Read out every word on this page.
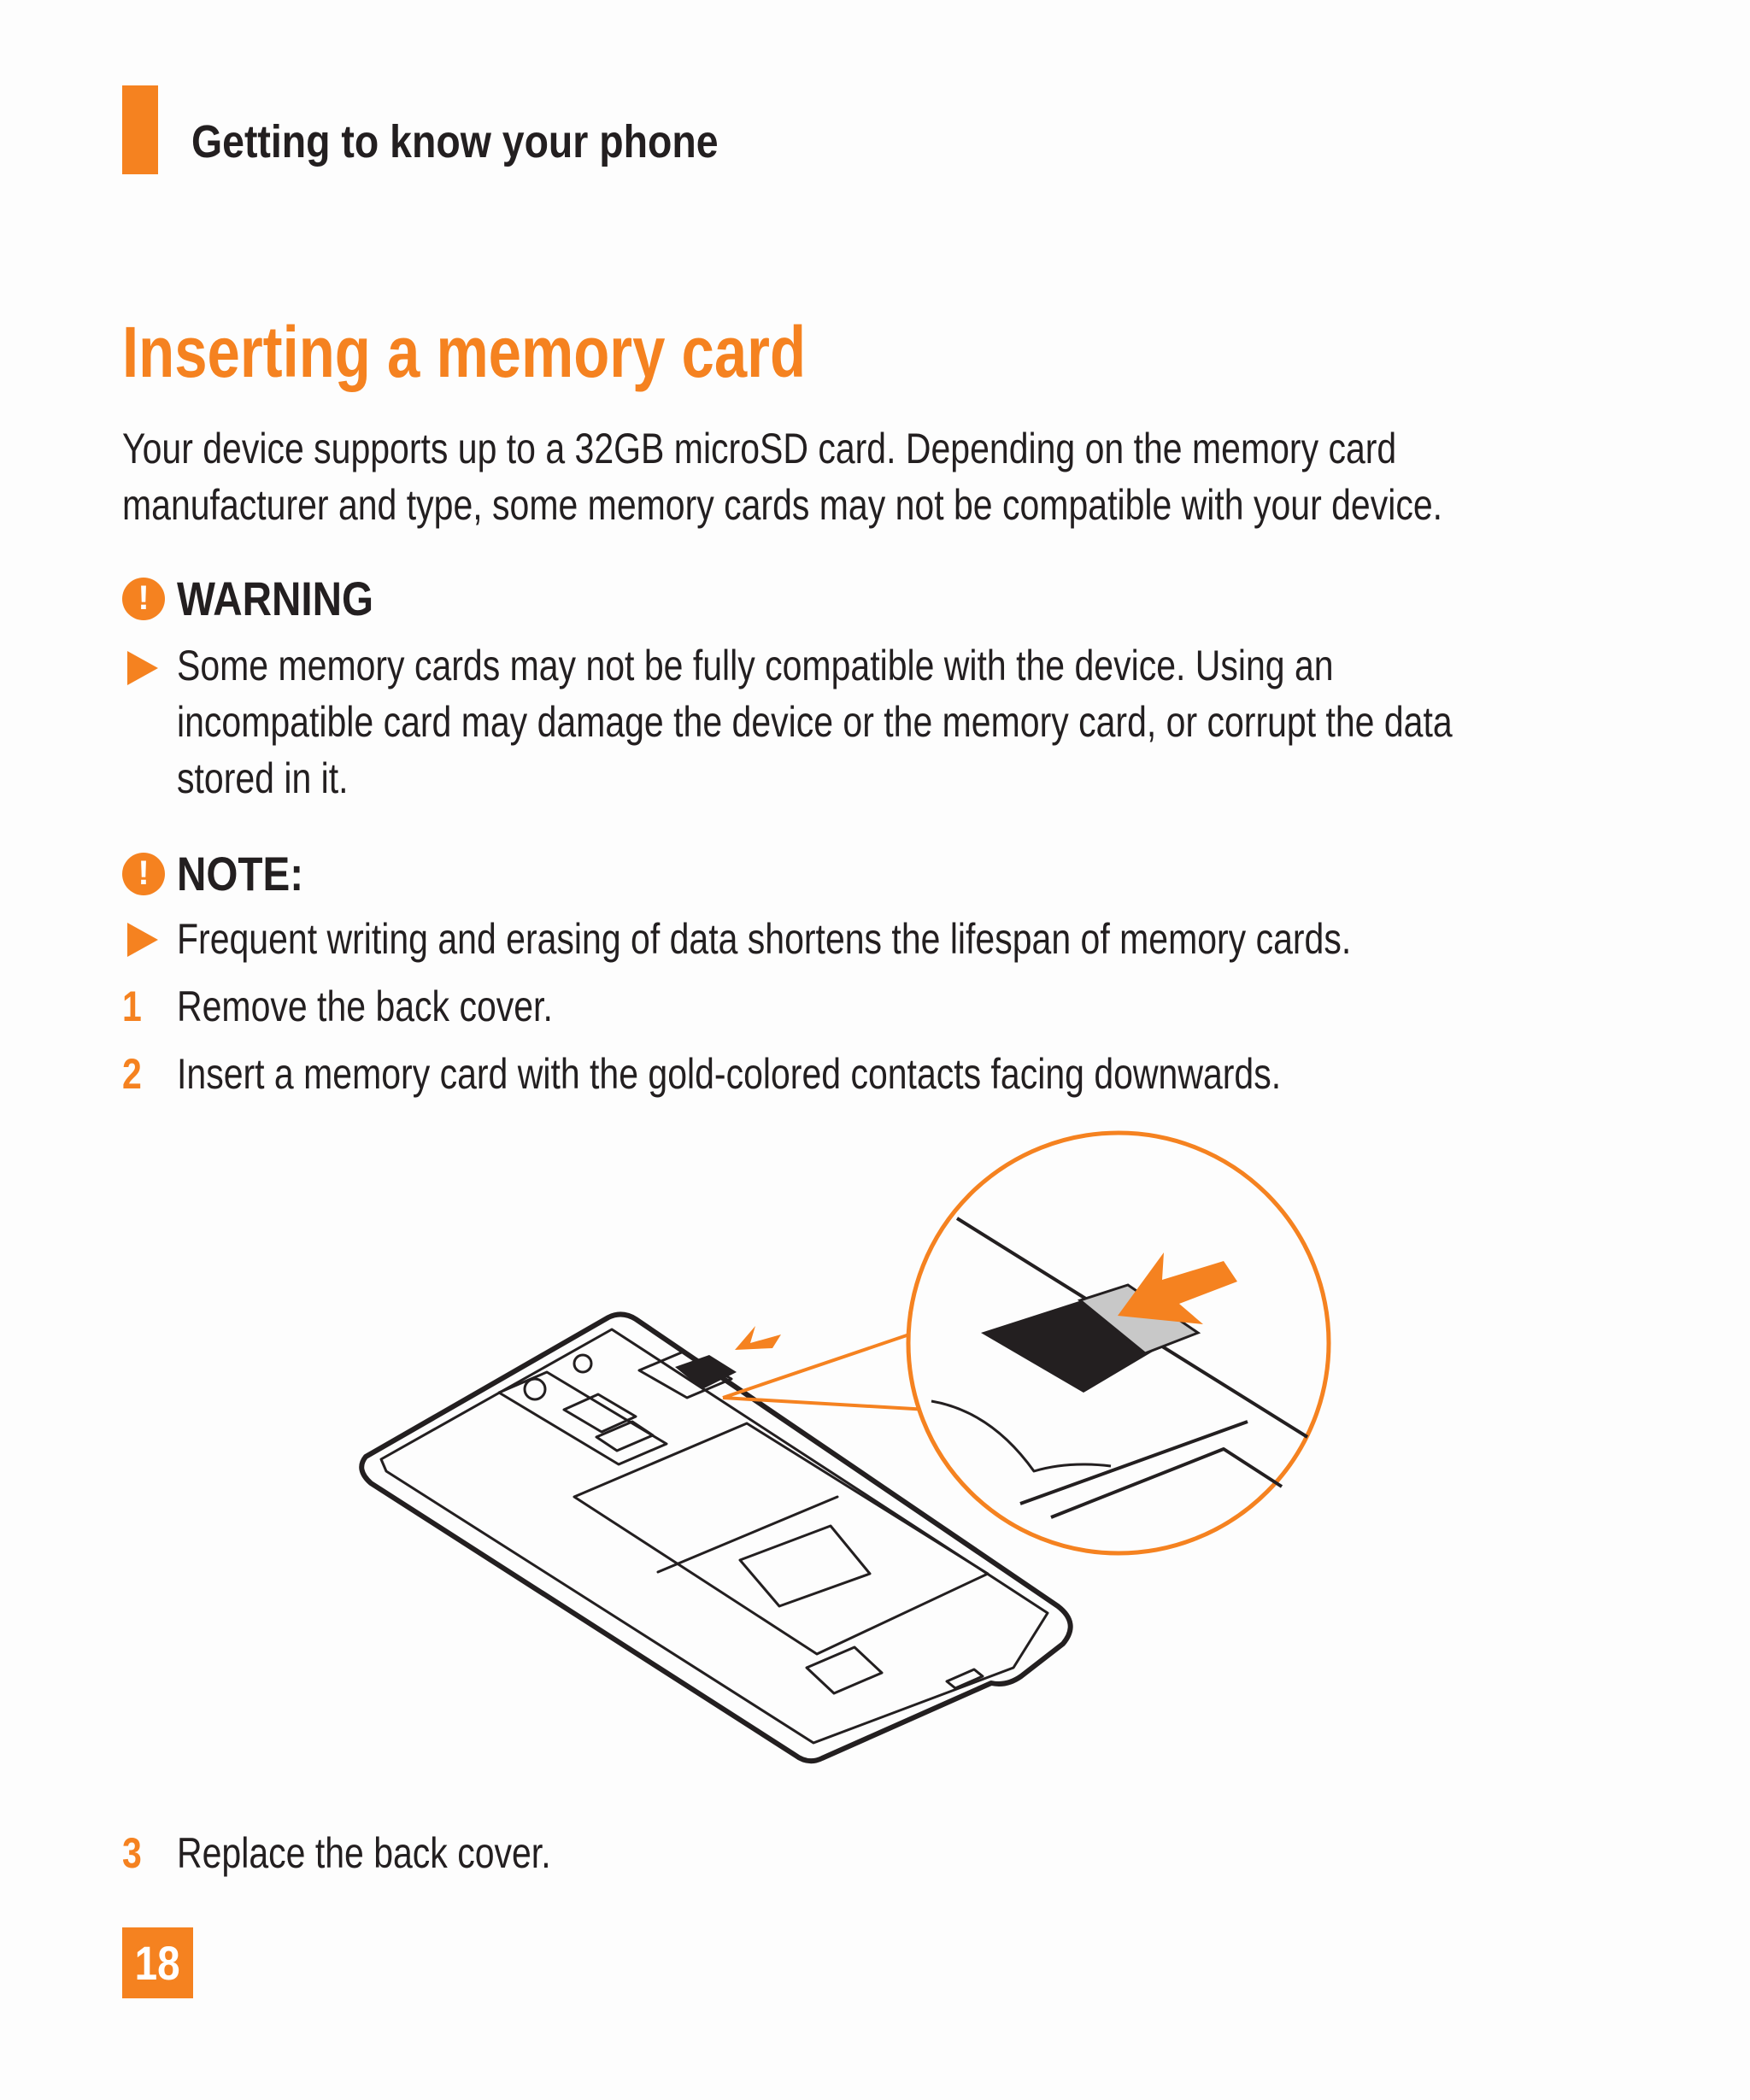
Getting to know your phone
Inserting a memory card
Your device supports up to a 32GB microSD card. Depending on the memory card manufacturer and type, some memory cards may not be compatible with your device.
! WARNING
Some memory cards may not be fully compatible with the device. Using an incompatible card may damage the device or the memory card, or corrupt the data stored in it.
! NOTE:
Frequent writing and erasing of data shortens the lifespan of memory cards.
1 Remove the back cover.
2 Insert a memory card with the gold-colored contacts facing downwards.
3 Replace the back cover.
18
